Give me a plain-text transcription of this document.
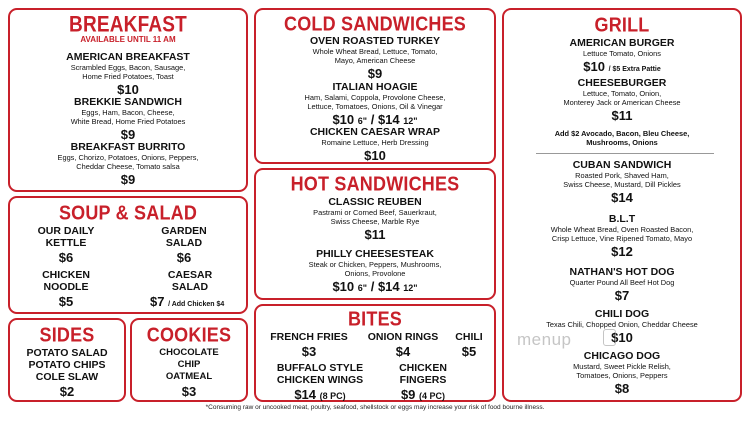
BREAKFAST
AVAILABLE UNTIL 11 AM
AMERICAN BREAKFAST
Scrambled Eggs, Bacon, Sausage,
Home Fried Potatoes, Toast
$10
BREKKIE SANDWICH
Eggs, Ham, Bacon, Cheese,
White Bread, Home Fried Potatoes
$9
BREAKFAST BURRITO
Eggs, Chorizo, Potatoes, Onions, Peppers,
Cheddar Cheese, Tomato salsa
$9
SOUP & SALAD
OUR DAILY
KETTLE
$6
GARDEN
SALAD
$6
CHICKEN
NOODLE
$5
CAESAR
SALAD
$7 / Add Chicken $4
SIDES
POTATO SALAD
POTATO CHIPS
COLE SLAW
$2
COOKIES
CHOCOLATE
CHIP
OATMEAL
$3
COLD SANDWICHES
OVEN ROASTED TURKEY
Whole Wheat Bread, Lettuce, Tomato,
Mayo, American Cheese
$9
ITALIAN HOAGIE
Ham, Salami, Coppola, Provolone Cheese,
Lettuce, Tomatoes, Onions, Oil & Vinegar
$10 6" / $14 12"
CHICKEN CAESAR WRAP
Romaine Lettuce, Herb Dressing
$10
HOT SANDWICHES
CLASSIC REUBEN
Pastrami or Corned Beef, Sauerkraut,
Swiss Cheese, Marble Rye
$11
PHILLY CHEESESTEAK
Steak or Chicken, Peppers, Mushrooms,
Onions, Provolone
$10 6" / $14 12"
BITES
FRENCH FRIES
$3
ONION RINGS
$4
CHILI
$5
BUFFALO STYLE
CHICKEN WINGS
$14 (8 PC)
CHICKEN
FINGERS
$9 (4 PC)
GRILL
AMERICAN BURGER
Lettuce Tomato, Onions
$10 / $5 Extra Pattie
CHEESEBURGER
Lettuce, Tomato, Onion,
Monterey Jack or American Cheese
$11
Add $2 Avocado, Bacon, Bleu Cheese,
Mushrooms, Onions
CUBAN SANDWICH
Roasted Pork, Shaved Ham,
Swiss Cheese, Mustard, Dill Pickles
$14
B.L.T
Whole Wheat Bread, Oven Roasted Bacon,
Crisp Lettuce, Vine Ripened Tomato, Mayo
$12
NATHAN'S HOT DOG
Quarter Pound All Beef Hot Dog
$7
CHILI DOG
Texas Chili, Chopped Onion, Cheddar Cheese
$10
CHICAGO DOG
Mustard, Sweet Pickle Relish,
Tomatoes, Onions, Peppers
$8
menup
*Consuming raw or uncooked meat, poultry, seafood, shellstock or eggs may increase your risk of food bourne illness.
